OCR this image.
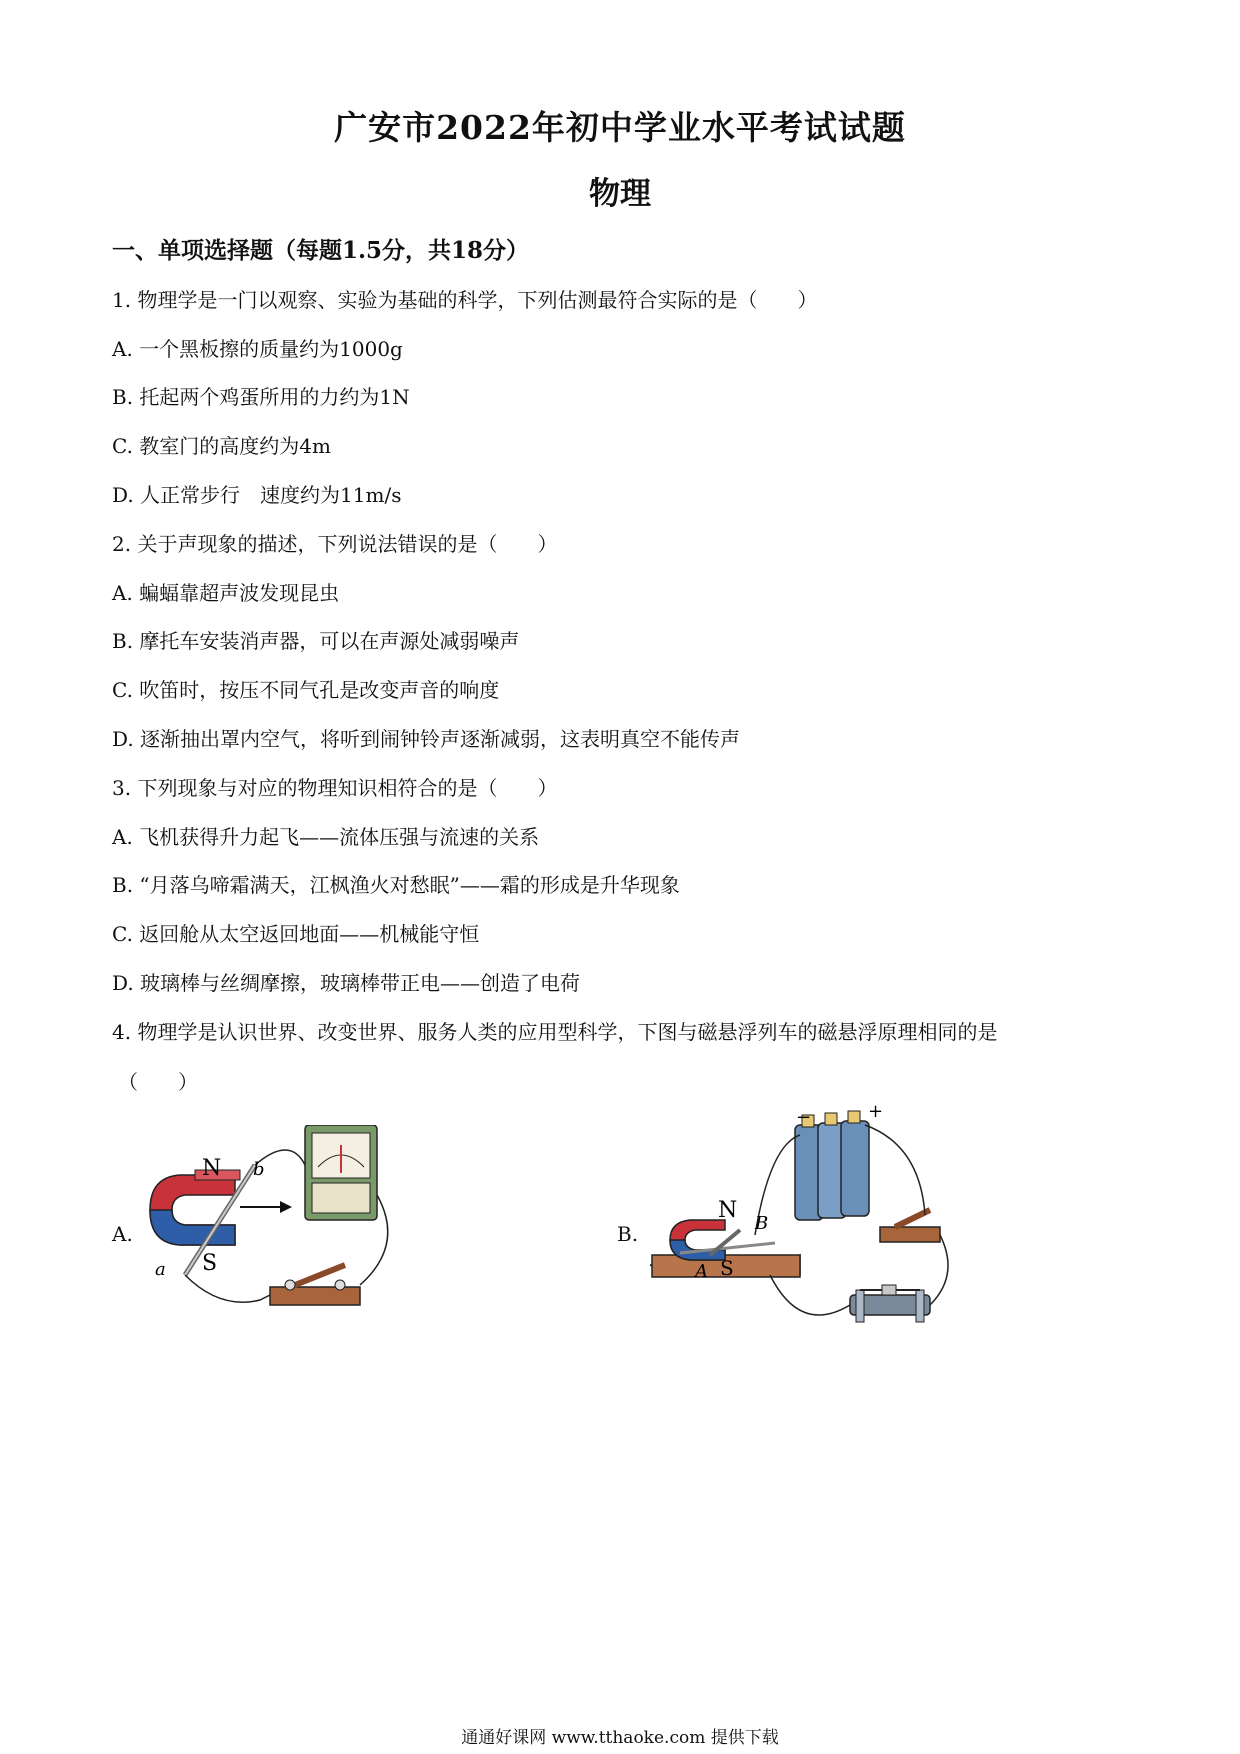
广安市2022年初中学业水平考试试题
物理
一、单项选择题（每题1.5分，共18分）
1. 物理学是一门以观察、实验为基础的科学，下列估测最符合实际的是（　　）
A. 一个黑板擦的质量约为1000g
B. 托起两个鸡蛋所用的力约为1N
C. 教室门的高度约为4m
D. 人正常步行　速度约为11m/s
2. 关于声现象的描述，下列说法错误的是（　　）
A. 蝙蝠靠超声波发现昆虫
B. 摩托车安装消声器，可以在声源处减弱噪声
C. 吹笛时，按压不同气孔是改变声音的响度
D. 逐渐抽出罩内空气，将听到闹钟铃声逐渐减弱，这表明真空不能传声
3. 下列现象与对应的物理知识相符合的是（　　）
A. 飞机获得升力起飞——流体压强与流速的关系
B. “月落乌啼霜满天，江枫渔火对愁眠”——霜的形成是升华现象
C. 返回舱从太空返回地面——机械能守恒
D. 玻璃棒与丝绸摩擦，玻璃棒带正电——创造了电荷
4. 物理学是认识世界、改变世界、服务人类的应用型科学，下图与磁悬浮列车的磁悬浮原理相同的是
（　　）
A.
N
S
a
b
B.
N
S
A
B
−	+
通通好课网 www.tthaoke.com 提供下载
